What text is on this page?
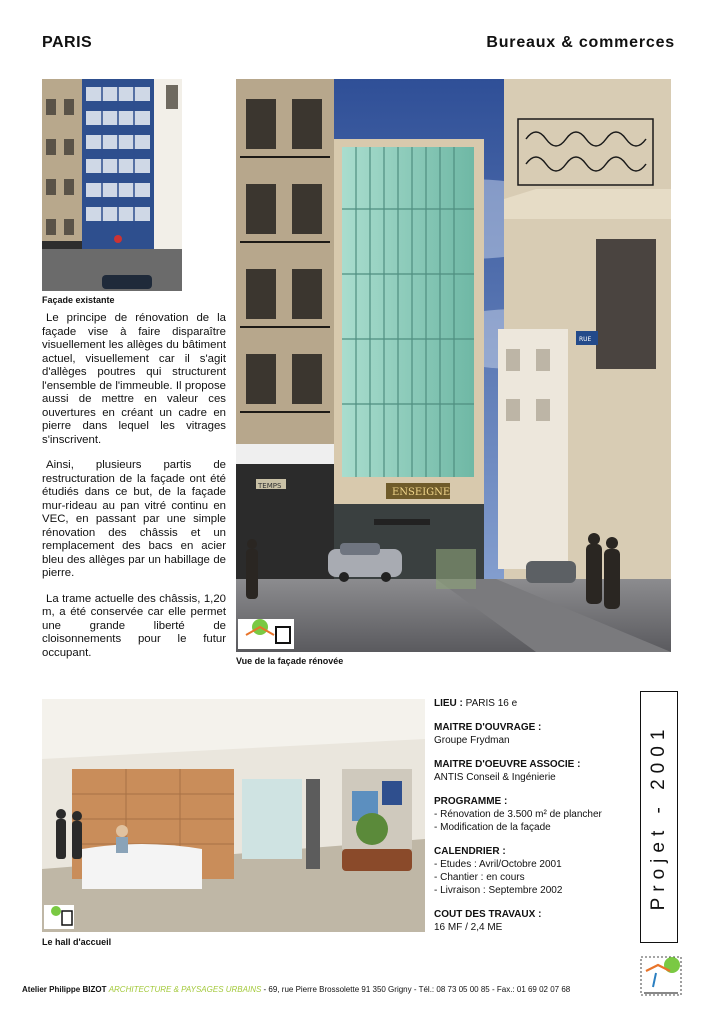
PARIS	Bureaux & commerces
Façade existante

Le principe de rénovation de la façade vise à faire disparaître visuellement les allèges du bâtiment actuel, visuellement car il s'agit d'allèges poutres qui structurent l'ensemble de l'immeuble. Il propose aussi de mettre en valeur ces ouvertures en créant un cadre en pierre dans lequel les vitrages s'inscrivent.

Ainsi, plusieurs partis de restructuration de la façade ont été étudiés dans ce but, de la façade mur-rideau au pan vitré continu en VEC, en passant par une simple rénovation des châssis et un remplacement des bacs en acier bleu des allèges par un habillage de pierre.

La trame actuelle des châssis, 1,20 m, a été conservée car elle permet une grande liberté de cloisonnements pour le futur occupant.

TEMPS
ENSEIGNE
RUE
Vue de la façade rénovée
Le hall d'accueil
LIEU : PARIS 16 e
MAITRE D'OUVRAGE :
Groupe Frydman
MAITRE D'OEUVRE ASSOCIE :
ANTIS Conseil & Ingénierie
PROGRAMME :
- Rénovation de 3.500 m² de plancher
- Modification de la façade
CALENDRIER :
- Etudes : Avril/Octobre 2001
- Chantier : en cours
- Livraison : Septembre 2002
COUT DES TRAVAUX :
16 MF / 2,4 ME
Projet - 2001
Atelier Philippe BIZOT ARCHITECTURE & PAYSAGES URBAINS - 69, rue Pierre Brossolette 91 350 Grigny - Tél.: 08 73 05 00 85 - Fax.: 01 69 02 07 68
